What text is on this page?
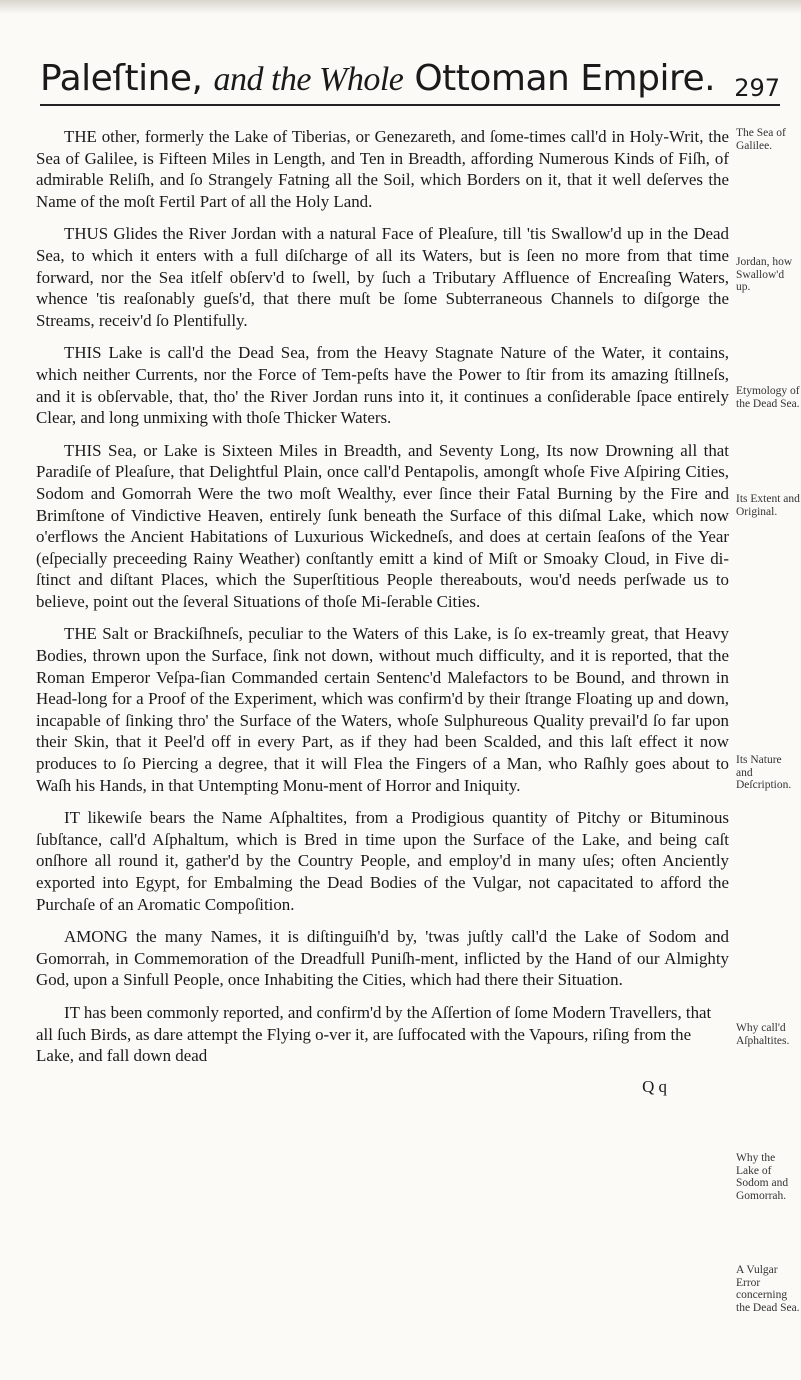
Paleſtine, and the Whole Ottoman Empire. 297

THE other, formerly the Lake of Tiberias, or Genezareth, and ſome-times call'd in Holy-Writ, the Sea of Galilee, is Fifteen Miles in Length, and Ten in Breadth, affording Numerous Kinds of Fiſh, of admirable Reliſh, and ſo Strangely Fatning all the Soil, which Borders on it, that it well deſerves the Name of the moſt Fertil Part of all the Holy Land.

THUS Glides the River Jordan with a natural Face of Pleaſure, till 'tis Swallow'd up in the Dead Sea, to which it enters with a full diſcharge of all its Waters, but is ſeen no more from that time forward, nor the Sea itſelf obſerv'd to ſwell, by ſuch a Tributary Affluence of Encreaſing Waters, whence 'tis reaſonably gueſs'd, that there muſt be ſome Subterraneous Channels to diſgorge the Streams, receiv'd ſo Plentifully.

THIS Lake is call'd the Dead Sea, from the Heavy Stagnate Nature of the Water, it contains, which neither Currents, nor the Force of Tem-peſts have the Power to ſtir from its amazing ſtillneſs, and it is obſervable, that, tho' the River Jordan runs into it, it continues a conſiderable ſpace entirely Clear, and long unmixing with thoſe Thicker Waters.

THIS Sea, or Lake is Sixteen Miles in Breadth, and Seventy Long, Its now Drowning all that Paradiſe of Pleaſure, that Delightful Plain, once call'd Pentapolis, amongſt whoſe Five Aſpiring Cities, Sodom and Gomorrah Were the two moſt Wealthy, ever ſince their Fatal Burning by the Fire and Brimſtone of Vindictive Heaven, entirely ſunk beneath the Surface of this diſmal Lake, which now o'erflows the Ancient Habitations of Luxurious Wickedneſs, and does at certain ſeaſons of the Year (eſpecially preceeding Rainy Weather) conſtantly emitt a kind of Miſt or Smoaky Cloud, in Five di-ſtinct and diſtant Places, which the Superſtitious People thereabouts, wou'd needs perſwade us to believe, point out the ſeveral Situations of thoſe Mi-ſerable Cities.

THE Salt or Brackiſhneſs, peculiar to the Waters of this Lake, is ſo ex-treamly great, that Heavy Bodies, thrown upon the Surface, ſink not down, without much difficulty, and it is reported, that the Roman Emperor Veſpa-ſian Commanded certain Sentenc'd Malefactors to be Bound, and thrown in Head-long for a Proof of the Experiment, which was confirm'd by their ſtrange Floating up and down, incapable of ſinking thro' the Surface of the Waters, whoſe Sulphureous Quality prevail'd ſo far upon their Skin, that it Peel'd off in every Part, as if they had been Scalded, and this laſt effect it now produces to ſo Piercing a degree, that it will Flea the Fingers of a Man, who Raſhly goes about to Waſh his Hands, in that Untempting Monu-ment of Horror and Iniquity.

IT likewiſe bears the Name Aſphaltites, from a Prodigious quantity of Pitchy or Bituminous ſubſtance, call'd Aſphaltum, which is Bred in time upon the Surface of the Lake, and being caſt onſhore all round it, gather'd by the Country People, and employ'd in many uſes; often Anciently exported into Egypt, for Embalming the Dead Bodies of the Vulgar, not capacitated to afford the Purchaſe of an Aromatic Compoſition.

AMONG the many Names, it is diſtinguiſh'd by, 'twas juſtly call'd the Lake of Sodom and Gomorrah, in Commemoration of the Dreadfull Puniſh-ment, inflicted by the Hand of our Almighty God, upon a Sinfull People, once Inhabiting the Cities, which had there their Situation.

IT has been commonly reported, and confirm'd by the Aſſertion of ſome Modern Travellers, that all ſuch Birds, as dare attempt the Flying o-ver it, are ſuffocated with the Vapours, riſing from the Lake, and fall down dead

Q q
The Sea of Galilee.
Jordan, how Swallow'd up.
Etymology of the Dead Sea.
Its Extent and Original.
Its Nature and Deſcription.
Why call'd Aſphaltites.
Why the Lake of Sodom and Gomorrah.
A Vulgar Error concerning the Dead Sea.
